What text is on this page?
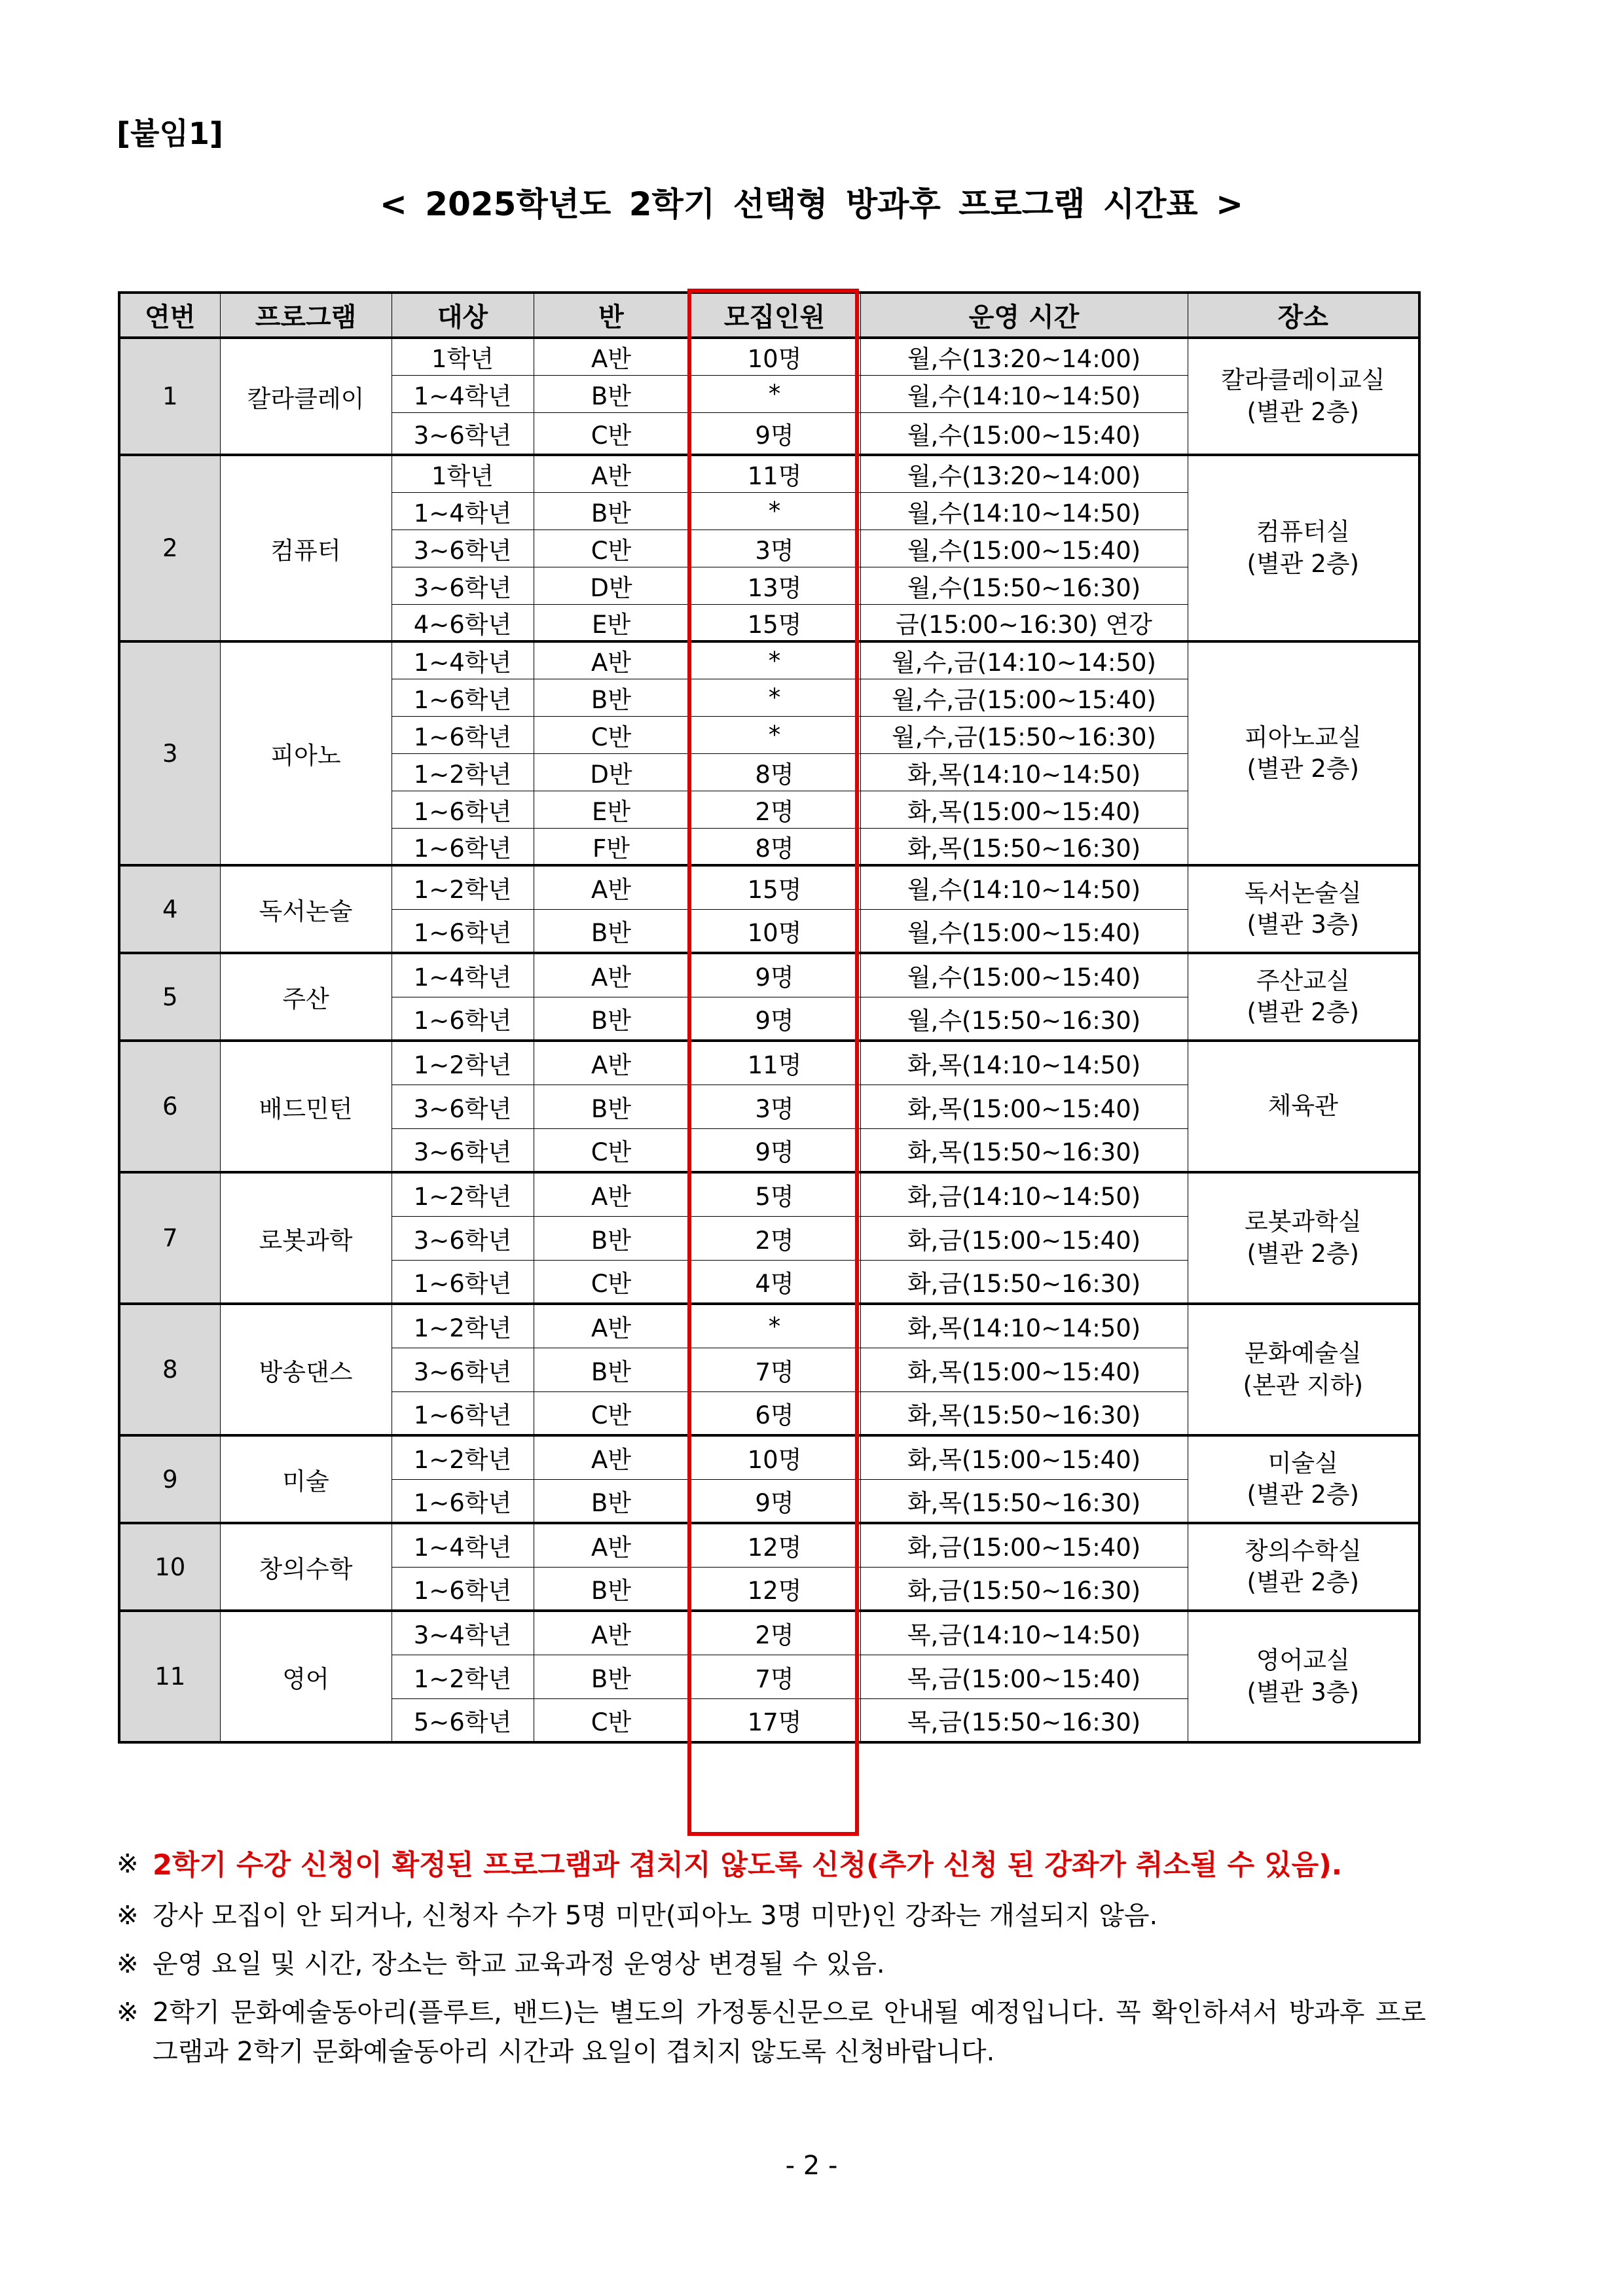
[붙임1]
< 2025학년도 2학기 선택형 방과후 프로그램 시간표 >
연번	프로그램	대상	반	모집인원	운영 시간	장소
1	칼라클레이	1학년	A반	10명	월,수(13:20~14:00)	칼라클레이교실
(별관 2층)
		1~4학년	B반	*	월,수(14:10~14:50)	
		3~6학년	C반	9명	월,수(15:00~15:40)	
2	컴퓨터	1학년	A반	11명	월,수(13:20~14:00)	컴퓨터실
(별관 2층)
		1~4학년	B반	*	월,수(14:10~14:50)	
		3~6학년	C반	3명	월,수(15:00~15:40)	
		3~6학년	D반	13명	월,수(15:50~16:30)	
		4~6학년	E반	15명	금(15:00~16:30) 연강	
3	피아노	1~4학년	A반	*	월,수,금(14:10~14:50)	피아노교실
(별관 2층)
		1~6학년	B반	*	월,수,금(15:00~15:40)	
		1~6학년	C반	*	월,수,금(15:50~16:30)	
		1~2학년	D반	8명	화,목(14:10~14:50)	
		1~6학년	E반	2명	화,목(15:00~15:40)	
		1~6학년	F반	8명	화,목(15:50~16:30)	
4	독서논술	1~2학년	A반	15명	월,수(14:10~14:50)	독서논술실
(별관 3층)
		1~6학년	B반	10명	월,수(15:00~15:40)	
5	주산	1~4학년	A반	9명	월,수(15:00~15:40)	주산교실
(별관 2층)
		1~6학년	B반	9명	월,수(15:50~16:30)	
6	배드민턴	1~2학년	A반	11명	화,목(14:10~14:50)	체육관
		3~6학년	B반	3명	화,목(15:00~15:40)	
		3~6학년	C반	9명	화,목(15:50~16:30)	
7	로봇과학	1~2학년	A반	5명	화,금(14:10~14:50)	로봇과학실
(별관 2층)
		3~6학년	B반	2명	화,금(15:00~15:40)	
		1~6학년	C반	4명	화,금(15:50~16:30)	
8	방송댄스	1~2학년	A반	*	화,목(14:10~14:50)	문화예술실
(본관 지하)
		3~6학년	B반	7명	화,목(15:00~15:40)	
		1~6학년	C반	6명	화,목(15:50~16:30)	
9	미술	1~2학년	A반	10명	화,목(15:00~15:40)	미술실
(별관 2층)
		1~6학년	B반	9명	화,목(15:50~16:30)	
10	창의수학	1~4학년	A반	12명	화,금(15:00~15:40)	창의수학실
(별관 2층)
		1~6학년	B반	12명	화,금(15:50~16:30)	
11	영어	3~4학년	A반	2명	목,금(14:10~14:50)	영어교실
(별관 3층)
		1~2학년	B반	7명	목,금(15:00~15:40)	
		5~6학년	C반	17명	목,금(15:50~16:30)	
※ 2학기 수강 신청이 확정된 프로그램과 겹치지 않도록 신청(추가 신청 된 강좌가 취소될 수 있음).
※ 강사 모집이 안 되거나, 신청자 수가 5명 미만(피아노 3명 미만)인 강좌는 개설되지 않음.
※ 운영 요일 및 시간, 장소는 학교 교육과정 운영상 변경될 수 있음.
※ 2학기 문화예술동아리(플루트, 밴드)는 별도의 가정통신문으로 안내될 예정입니다. 꼭 확인하셔서 방과후 프로그램과 2학기 문화예술동아리 시간과 요일이 겹치지 않도록 신청바랍니다.
- 2 -
